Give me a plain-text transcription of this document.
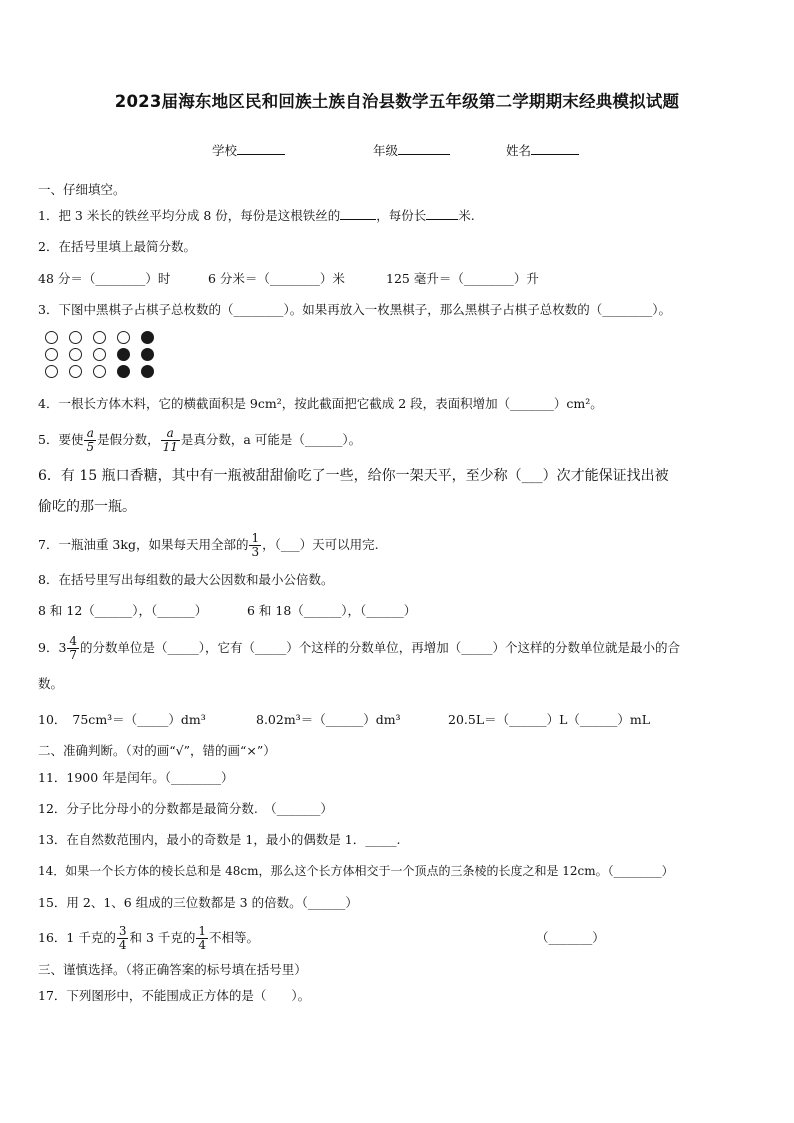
2023届海东地区民和回族土族自治县数学五年级第二学期期末经典模拟试题
学校	年级	姓名
一、仔细填空。
1．把 3 米长的铁丝平均分成 8 份，每份是这根铁丝的	，每份长	米.
2．在括号里填上最简分数。
48 分＝（________）时	6 分米＝（________）米	125 毫升＝（________）升
3．下图中黑棋子占棋子总枚数的（________）。如果再放入一枚黑棋子，那么黑棋子占棋子总枚数的（________）。
4．一根长方体木料，它的横截面积是 9cm²，按此截面把它截成 2 段，表面积增加（_______）cm²。
5．要使 $\frac{a}{5}$ 是假分数， $\frac{a}{11}$ 是真分数，a 可能是（______）。
6．有 15 瓶口香糖，其中有一瓶被甜甜偷吃了一些，给你一架天平，至少称（___）次才能保证找出被
偷吃的那一瓶。
7．一瓶油重 3kg，如果每天用全部的 $\frac{1}{3}$ ，（___）天可以用完.
8．在括号里写出每组数的最大公因数和最小公倍数。
8 和 12（______），（______）	6 和 18（______），（______）
9．$3 \frac{4}{7}$ 的分数单位是（_____），它有（_____）个这样的分数单位，再增加（_____）个这样的分数单位就是最小的合
数。
10． 75cm³＝（_____）dm³	8.02m³＝（______）dm³	20.5L＝（______）L（______）mL
二、准确判断。（对的画“√”，错的画“×”）
11．1900 年是闰年。（________）
12．分子比分母小的分数都是最简分数.　（_______）
13．在自然数范围内，最小的奇数是 1，最小的偶数是 1．_____.
14．如果一个长方体的棱长总和是 48cm，那么这个长方体相交于一个顶点的三条棱的长度之和是 12cm。（________）
15．用 2、1、6 组成的三位数都是 3 的倍数。（______）
16．1 千克的 $\frac{3}{4}$ 和 3 千克的 $\frac{1}{4}$ 不相等。	（_______）
三、谨慎选择。（将正确答案的标号填在括号里）
17．下列图形中，不能围成正方体的是（　　）。
